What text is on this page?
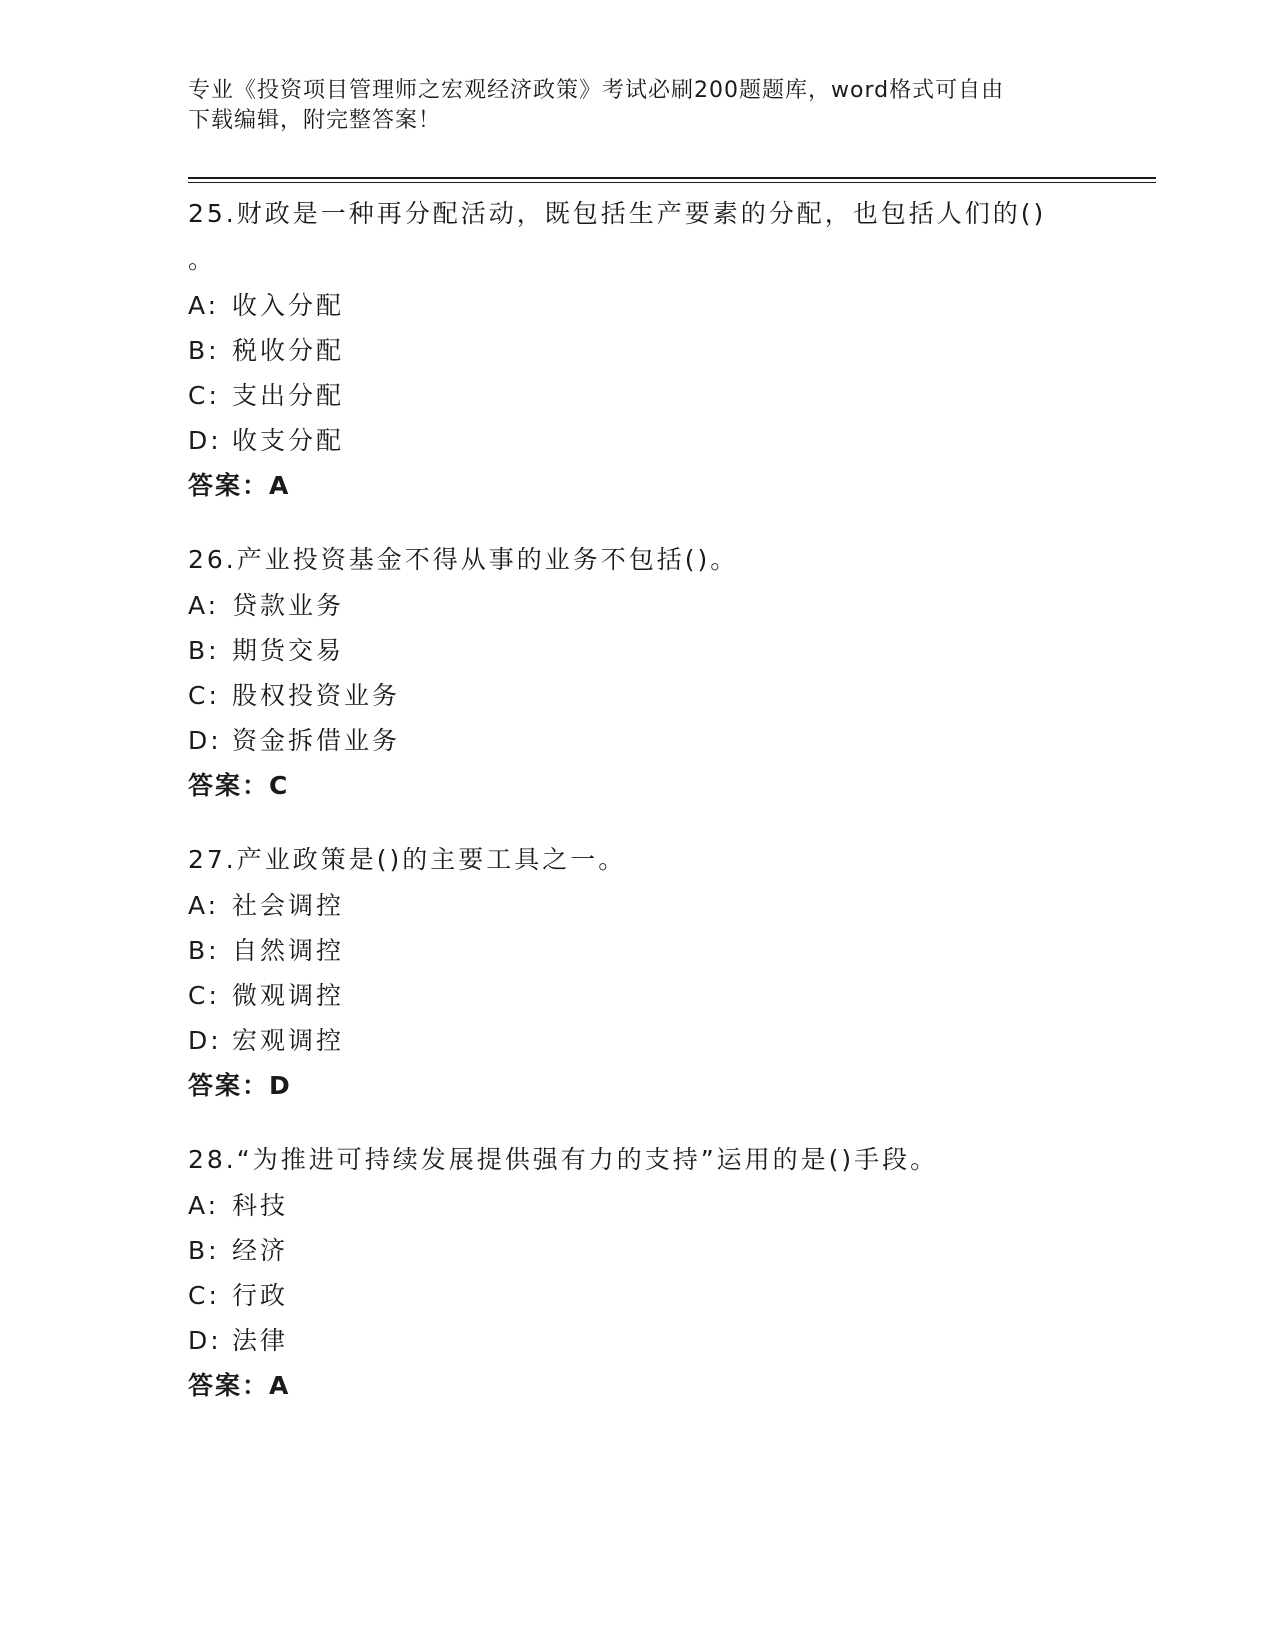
专业《投资项目管理师之宏观经济政策》考试必刷200题题库，word格式可自由
下载编辑，附完整答案！
25.财政是一种再分配活动，既包括生产要素的分配，也包括人们的()
。
A: 收入分配
B: 税收分配
C: 支出分配
D: 收支分配
答案：A
26.产业投资基金不得从事的业务不包括()。
A: 贷款业务
B: 期货交易
C: 股权投资业务
D: 资金拆借业务
答案：C
27.产业政策是()的主要工具之一。
A: 社会调控
B: 自然调控
C: 微观调控
D: 宏观调控
答案：D
28.“为推进可持续发展提供强有力的支持”运用的是()手段。
A: 科技
B: 经济
C: 行政
D: 法律
答案：A
